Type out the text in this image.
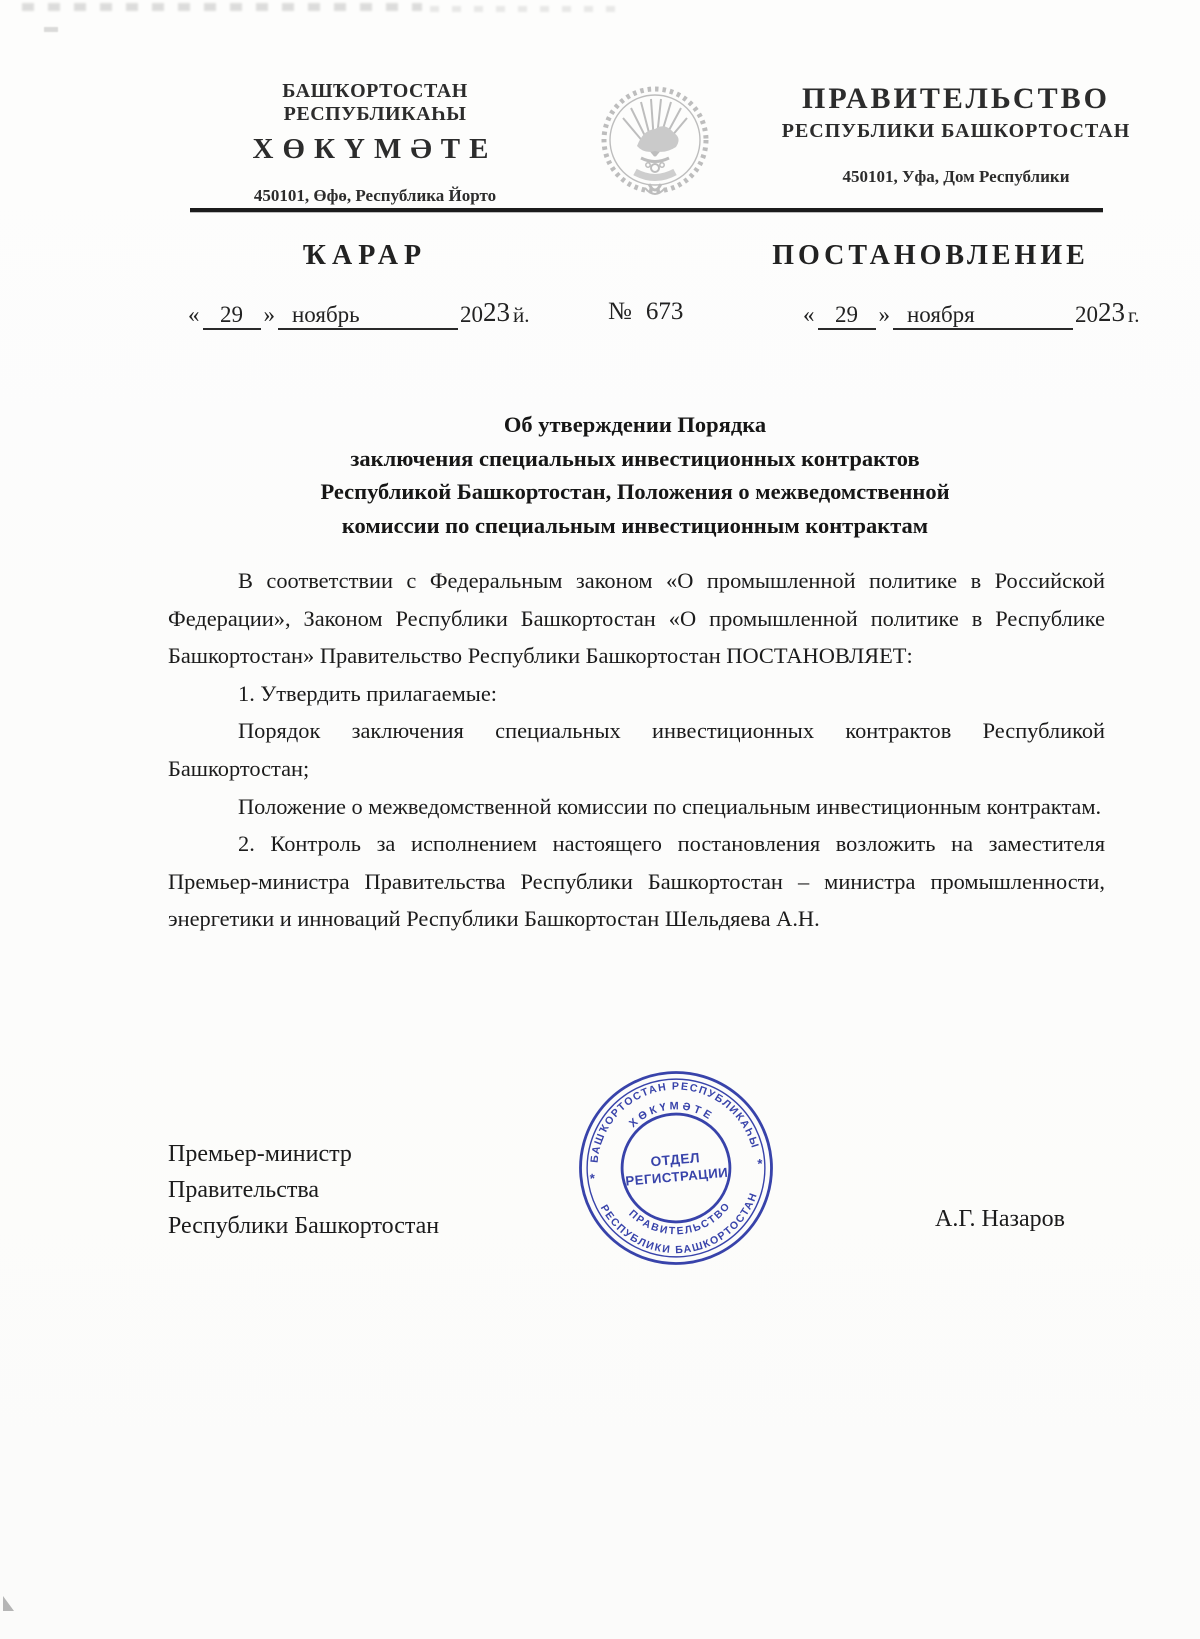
БАШҠОРТОСТАН РЕСПУБЛИКАҺЫ
ХӨКҮМӘТЕ
450101, Өфө, Республика Йорто
ПРАВИТЕЛЬСТВО
РЕСПУБЛИКИ БАШКОРТОСТАН
450101, Уфа, Дом Республики
ҠАРАР	ПОСТАНОВЛЕНИЕ
« 29 » ноябрь	2023 й.	№ 673	« 29 » ноября	2023 г.
Об утверждении Порядка
заключения специальных инвестиционных контрактов
Республикой Башкортостан, Положения о межведомственной
комиссии по специальным инвестиционным контрактам

В соответствии с Федеральным законом «О промышленной политике в Российской Федерации», Законом Республики Башкортостан «О промышленной политике в Республике Башкортостан» Правительство Республики Башкортостан ПОСТАНОВЛЯЕТ:

1. Утвердить прилагаемые:

Порядок заключения специальных инвестиционных контрактов Республикой Башкортостан;

Положение о межведомственной комиссии по специальным инвестиционным контрактам.

2. Контроль за исполнением настоящего постановления возложить на заместителя Премьер-министра Правительства Республики Башкортостан – министра промышленности, энергетики и инноваций Республики Башкортостан Шельдяева А.Н.

Премьер-министр
Правительства
Республики Башкортостан	А.Г. Назаров
БАШҠОРТОСТАН РЕСПУБЛИКАҺЫ
РЕСПУБЛИКИ БАШКОРТОСТАН
ХӨКҮМӘТЕ
ПРАВИТЕЛЬСТВО
*
*
ОТДЕЛ
РЕГИСТРАЦИИ
